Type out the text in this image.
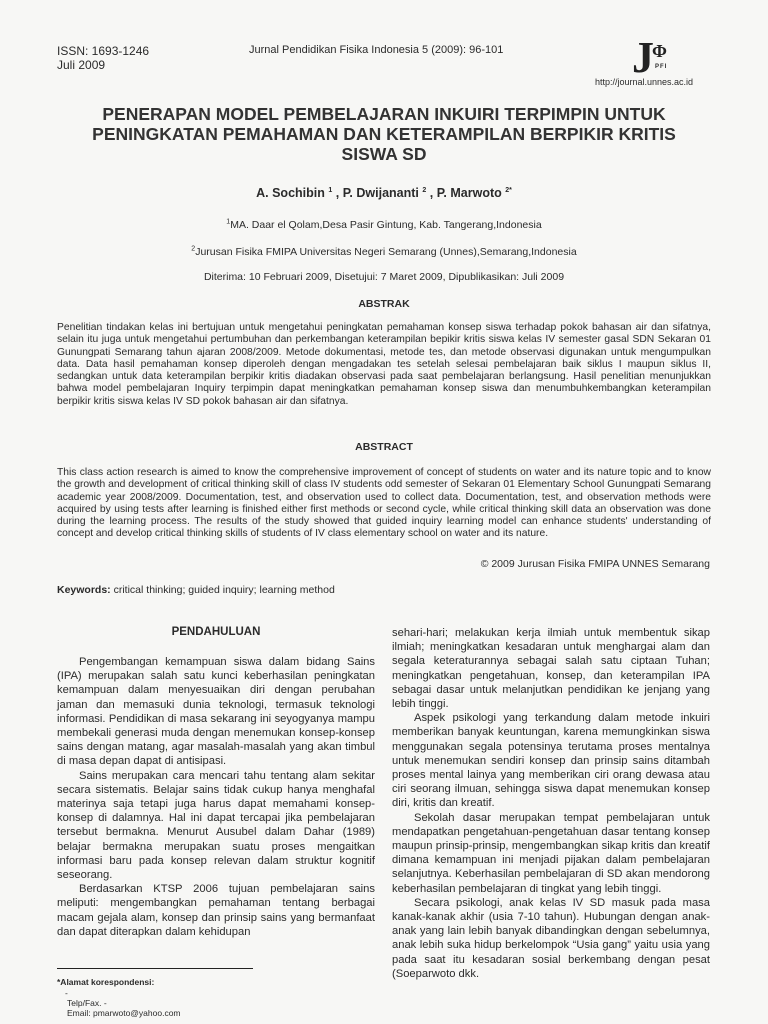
ISSN: 1693-1246
Juli 2009
Jurnal Pendidikan Fisika Indonesia 5 (2009): 96-101	J
Φ
PFI
http://journal.unnes.ac.id
PENERAPAN MODEL PEMBELAJARAN INKUIRI TERPIMPIN UNTUK
PENINGKATAN PEMAHAMAN DAN KETERAMPILAN BERPIKIR KRITIS
SISWA SD
A. Sochibin $^1$ , P. Dwijananti $^2$ , P. Marwoto $^{2*}$
$^1$MA. Daar el Qolam,Desa Pasir Gintung, Kab. Tangerang,Indonesia
$^2$Jurusan Fisika FMIPA Universitas Negeri Semarang (Unnes),Semarang,Indonesia
Diterima: 10 Februari 2009, Disetujui: 7 Maret 2009, Dipublikasikan: Juli 2009
ABSTRAK

Penelitian tindakan kelas ini bertujuan untuk mengetahui peningkatan pemahaman konsep siswa terhadap pokok bahasan air dan sifatnya, selain itu juga untuk mengetahui pertumbuhan dan perkembangan keterampilan bepikir kritis siswa kelas IV semester gasal SDN Sekaran 01 Gunungpati Semarang tahun ajaran 2008/2009. Metode dokumentasi, metode tes, dan metode observasi digunakan untuk mengumpulkan data. Data hasil pemahaman konsep diperoleh dengan mengadakan tes setelah selesai pembelajaran baik siklus I maupun siklus II, sedangkan untuk data keterampilan berpikir kritis diadakan observasi pada saat pembelajaran berlangsung. Hasil penelitian menunjukkan bahwa model pembelajaran Inquiry terpimpin dapat meningkatkan pemahaman konsep siswa dan menumbuhkembangkan keterampilan berpikir kritis siswa kelas IV SD pokok bahasan air dan sifatnya.

ABSTRACT

This class action research is aimed to know the comprehensive improvement of concept of students on water and its nature topic and to know the growth and development of critical thinking skill of class IV students odd semester of Sekaran 01 Elementary School Gunungpati Semarang academic year 2008/2009. Documentation, test, and observation used to collect data. Documentation, test, and observation methods were acquired by using tests after learning is finished either first methods or second cycle, while critical thinking skill data an observation was done during the learning process. The results of the study showed that guided inquiry learning model can enhance students' understanding of concept and develop critical thinking skills of students of IV class elementary school on water and its nature.

© 2009 Jurusan Fisika FMIPA UNNES Semarang
Keywords: critical thinking; guided inquiry; learning method
PENDAHULUAN

Pengembangan kemampuan siswa dalam bidang Sains (IPA) merupakan salah satu kunci keberhasilan peningkatan kemampuan dalam menyesuaikan diri dengan perubahan jaman dan memasuki dunia teknologi, termasuk teknologi informasi. Pendidikan di masa sekarang ini seyogyanya mampu membekali generasi muda dengan menemukan konsep-konsep sains dengan matang, agar masalah-masalah yang akan timbul di masa depan dapat di antisipasi.

Sains merupakan cara mencari tahu tentang alam sekitar secara sistematis. Belajar sains tidak cukup hanya menghafal materinya saja tetapi juga harus dapat memahami konsep-konsep di dalamnya. Hal ini dapat tercapai jika pembelajaran tersebut bermakna. Menurut Ausubel dalam Dahar (1989) belajar bermakna merupakan suatu proses mengaitkan informasi baru pada konsep relevan dalam struktur kognitif seseorang.

Berdasarkan KTSP 2006 tujuan pembelajaran sains meliputi: mengembangkan pemahaman tentang berbagai macam gejala alam, konsep dan prinsip sains yang bermanfaat dan dapat diterapkan dalam kehidupan

sehari-hari; melakukan kerja ilmiah untuk membentuk sikap ilmiah; meningkatkan kesadaran untuk menghargai alam dan segala keteraturannya sebagai salah satu ciptaan Tuhan; meningkatkan pengetahuan, konsep, dan keterampilan IPA sebagai dasar untuk melanjutkan pendidikan ke jenjang yang lebih tinggi.

Aspek psikologi yang terkandung dalam metode inkuiri memberikan banyak keuntungan, karena memungkinkan siswa menggunakan segala potensinya terutama proses mentalnya untuk menemukan sendiri konsep dan prinsip sains ditambah proses mental lainya yang memberikan ciri orang dewasa atau ciri seorang ilmuan, sehingga siswa dapat menemukan konsep diri, kritis dan kreatif.

Sekolah dasar merupakan tempat pembelajaran untuk mendapatkan pengetahuan-pengetahuan dasar tentang konsep maupun prinsip-prinsip, mengembangkan sikap kritis dan kreatif dimana kemampuan ini menjadi pijakan dalam pembelajaran selanjutnya. Keberhasilan pembelajaran di SD akan mendorong keberhasilan pembelajaran di tingkat yang lebih tinggi.

Secara psikologi, anak kelas IV SD masuk pada masa kanak-kanak akhir (usia 7-10 tahun). Hubungan dengan anak-anak yang lain lebih banyak dibandingkan dengan sebelumnya, anak lebih suka hidup berkelompok “Usia gang” yaitu usia yang pada saat itu kesadaran sosial berkembang dengan pesat (Soeparwoto dkk.

*Alamat korespondensi:
-
Telp/Fax. -
Email: pmarwoto@yahoo.com
